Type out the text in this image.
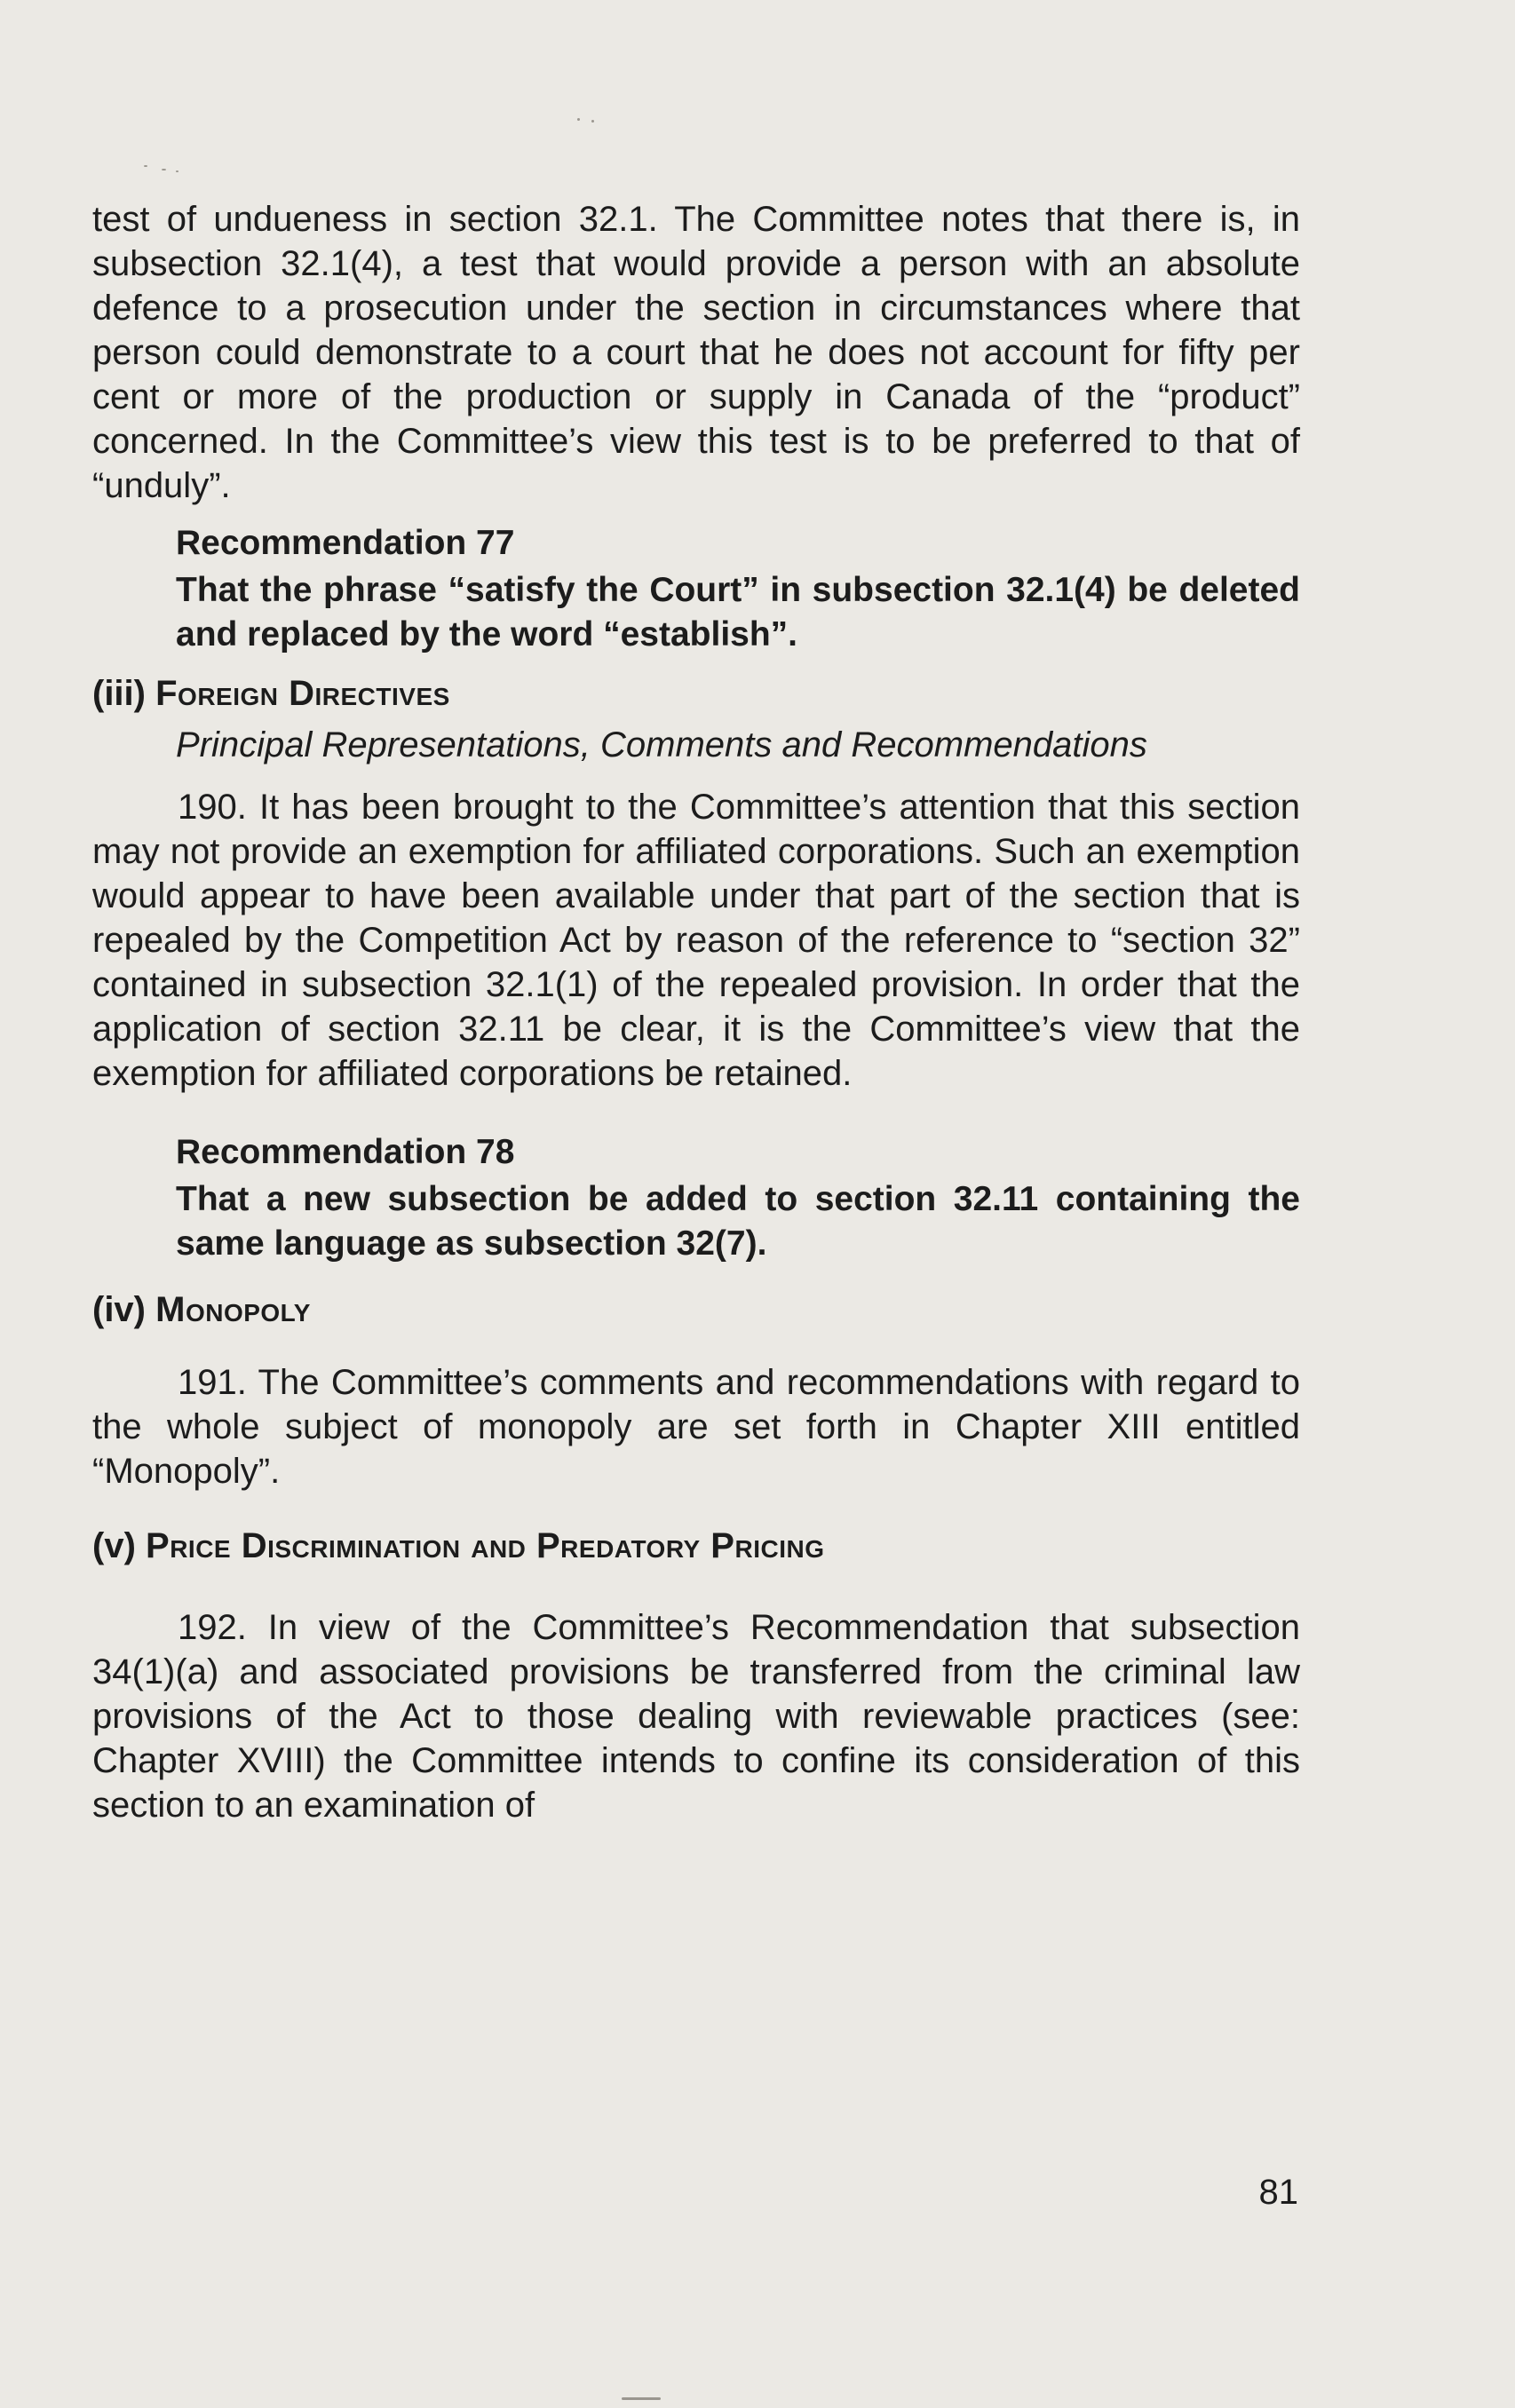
test of undueness in section 32.1. The Committee notes that there is, in subsection 32.1(4), a test that would provide a person with an absolute defence to a prosecution under the section in circumstances where that person could demonstrate to a court that he does not account for fifty per cent or more of the production or supply in Canada of the “product” concerned. In the Committee’s view this test is to be preferred to that of “unduly”.

Recommendation 77

That the phrase “satisfy the Court” in subsection 32.1(4) be deleted and replaced by the word “establish”.

(iii) Foreign Directives
Principal Representations, Comments and Recommendations

190. It has been brought to the Committee’s attention that this section may not provide an exemption for affiliated corporations. Such an exemption would appear to have been available under that part of the section that is repealed by the Competition Act by reason of the reference to “section 32” contained in subsection 32.1(1) of the repealed provision. In order that the application of section 32.11 be clear, it is the Committee’s view that the exemption for affiliated corporations be retained.

Recommendation 78

That a new subsection be added to section 32.11 containing the same language as subsection 32(7).

(iv) Monopoly

191. The Committee’s comments and recommendations with regard to the whole subject of monopoly are set forth in Chapter XIII entitled “Monopoly”.

(v) Price Discrimination and Predatory Pricing

192. In view of the Committee’s Recommendation that subsection 34(1)(a) and associated provisions be transferred from the criminal law provisions of the Act to those dealing with reviewable practices (see: Chapter XVIII) the Committee intends to confine its consideration of this section to an examination of

81
